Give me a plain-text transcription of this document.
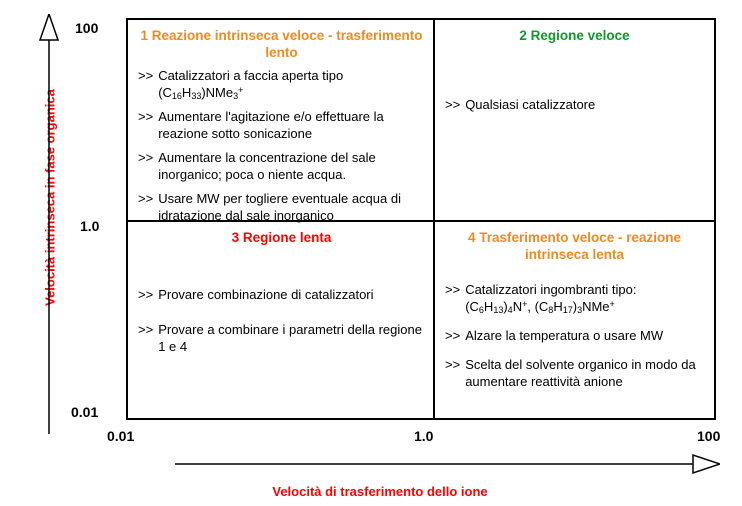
Velocità intrinseca in fase organica
100
1.0
0.01
Velocità di trasferimento dello ione
0.01	1.0	100
1 Reazione intrinseca veloce - trasferimento lento
>> Catalizzatori a faccia aperta tipo $(C_{16}H_{33})NMe_3^+$
>> Aumentare l'agitazione e/o effettuare la reazione sotto sonicazione
>> Aumentare la concentrazione del sale inorganico; poca o niente acqua.
>> Usare MW per togliere eventuale acqua di idratazione dal sale inorganico
2 Regione veloce
>> Qualsiasi catalizzatore
3 Regione lenta
>> Provare combinazione di catalizzatori
>> Provare a combinare i parametri della regione 1 e 4
4 Trasferimento veloce - reazione intrinseca lenta
>> Catalizzatori ingombranti tipo: $(C_6H_{13})_4N^+$, $(C_8H_{17})_3NMe^+$
>> Alzare la temperatura o usare MW
>> Scelta del solvente organico in modo da aumentare reattività anione
